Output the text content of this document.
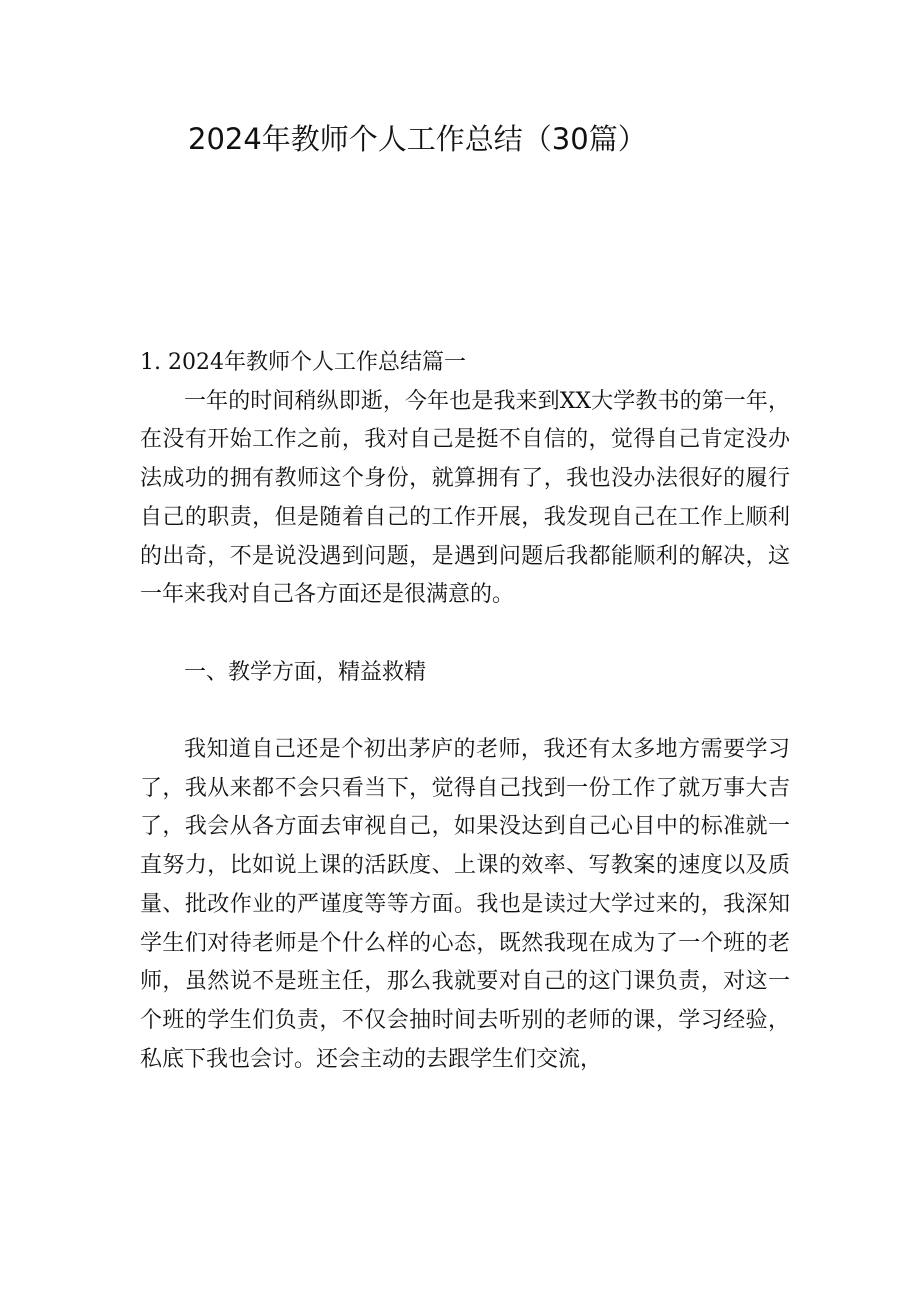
2024年教师个人工作总结（30篇）

1. 2024年教师个人工作总结篇一

一年的时间稍纵即逝，今年也是我来到XX大学教书的第一年，在没有开始工作之前，我对自己是挺不自信的，觉得自己肯定没办法成功的拥有教师这个身份，就算拥有了，我也没办法很好的履行自己的职责，但是随着自己的工作开展，我发现自己在工作上顺利的出奇，不是说没遇到问题，是遇到问题后我都能顺利的解决，这一年来我对自己各方面还是很满意的。

一、教学方面，精益救精

我知道自己还是个初出茅庐的老师，我还有太多地方需要学习了，我从来都不会只看当下，觉得自己找到一份工作了就万事大吉了，我会从各方面去审视自己，如果没达到自己心目中的标准就一直努力，比如说上课的活跃度、上课的效率、写教案的速度以及质量、批改作业的严谨度等等方面。我也是读过大学过来的，我深知学生们对待老师是个什么样的心态，既然我现在成为了一个班的老师，虽然说不是班主任，那么我就要对自己的这门课负责，对这一个班的学生们负责，不仅会抽时间去听别的老师的课，学习经验，私底下我也会讨。还会主动的去跟学生们交流，
